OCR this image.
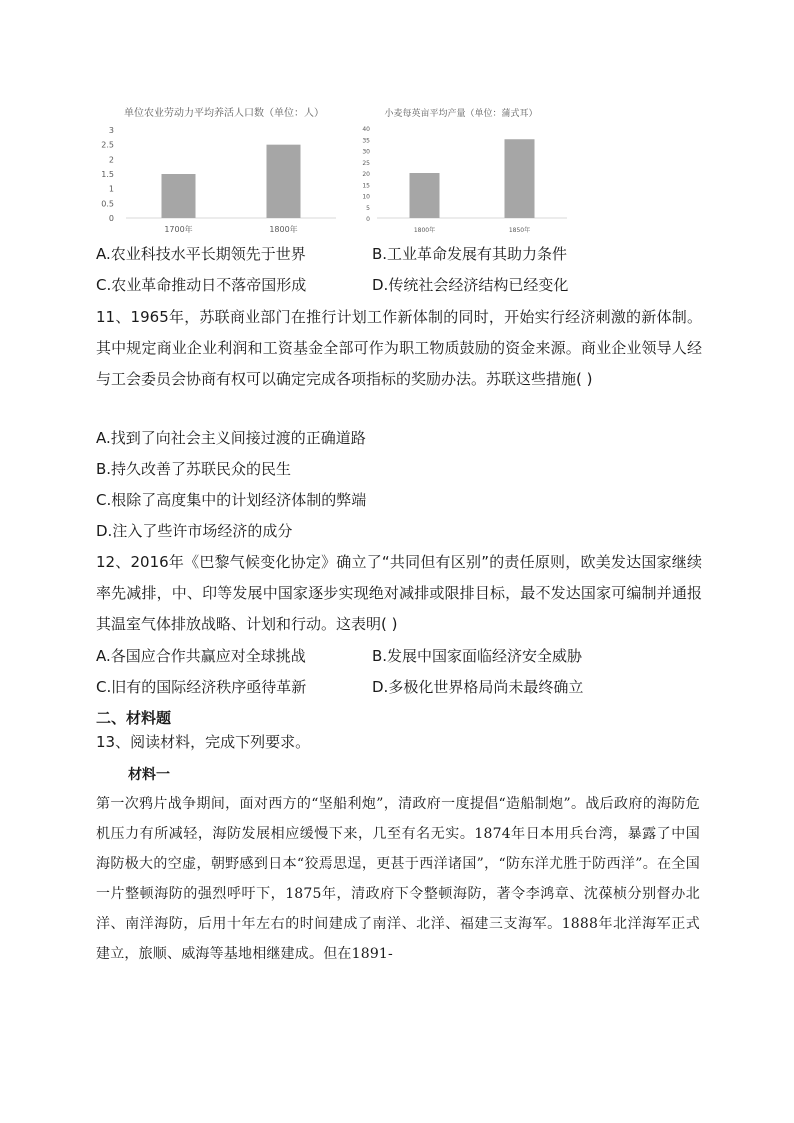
单位农业劳动力平均养活人口数（单位：人）
0
0.5
1
1.5
2
2.5
3
1700年	1800年
小麦每英亩平均产量（单位：蒲式耳）
0
5
10
15
20
25
30
35
40
1800年	1850年
A.农业科技水平长期领先于世界	B.工业革命发展有其助力条件
C.农业革命推动日不落帝国形成	D.传统社会经济结构已经变化
11、1965年，苏联商业部门在推行计划工作新体制的同时，开始实行经济刺激的新体制。其中规定商业企业利润和工资基金全部可作为职工物质鼓励的资金来源。商业企业领导人经与工会委员会协商有权可以确定完成各项指标的奖励办法。苏联这些措施( )
A.找到了向社会主义间接过渡的正确道路
B.持久改善了苏联民众的民生
C.根除了高度集中的计划经济体制的弊端
D.注入了些许市场经济的成分
12、2016年《巴黎气候变化协定》确立了“共同但有区别”的责任原则，欧美发达国家继续率先减排，中、印等发展中国家逐步实现绝对减排或限排目标，最不发达国家可编制并通报其温室气体排放战略、计划和行动。这表明( )
A.各国应合作共赢应对全球挑战	B.发展中国家面临经济安全威胁
C.旧有的国际经济秩序亟待革新	D.多极化世界格局尚未最终确立
二、材料题
13、阅读材料，完成下列要求。
材料一
第一次鸦片战争期间，面对西方的“坚船利炮”，清政府一度提倡“造船制炮”。战后政府的海防危机压力有所减轻，海防发展相应缓慢下来，几至有名无实。1874年日本用兵台湾，暴露了中国海防极大的空虚，朝野感到日本“狡焉思逞，更甚于西洋诸国”，“防东洋尤胜于防西洋”。在全国一片整顿海防的强烈呼吁下，1875年，清政府下令整顿海防，著令李鸿章、沈葆桢分别督办北洋、南洋海防，后用十年左右的时间建成了南洋、北洋、福建三支海军。1888年北洋海军正式建立，旅顺、威海等基地相继建成。但在1891-
